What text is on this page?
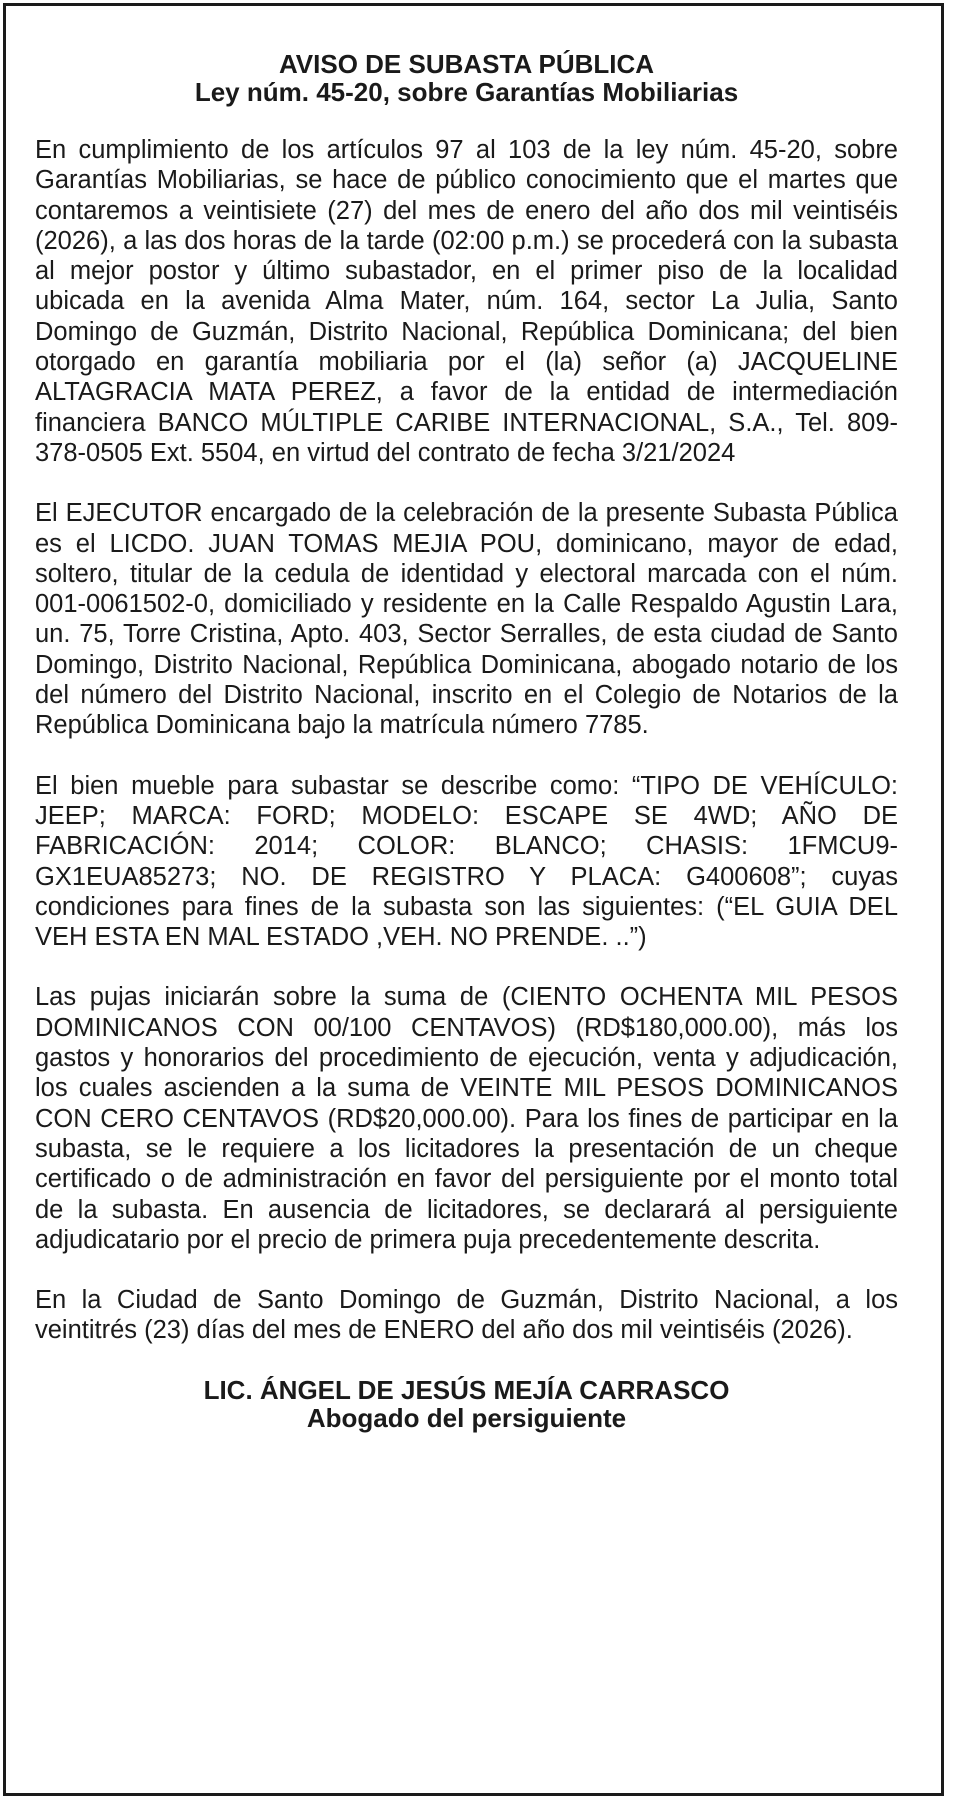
AVISO DE SUBASTA PÚBLICA

Ley núm. 45-20, sobre Garantías Mobiliarias

En cumplimiento de los artículos 97 al 103 de la ley núm. 45-20, sobre Garantías Mobiliarias, se hace de público conocimiento que el martes que contaremos a veintisiete (27) del mes de enero del año dos mil veintiséis (2026), a las dos horas de la tarde (02:00 p.m.) se procederá con la subasta al mejor postor y último subastador, en el primer piso de la localidad ubicada en la avenida Alma Mater, núm. 164, sector La Julia, Santo Domingo de Guzmán, Distrito Nacional, República Dominicana; del bien otorgado en garantía mobiliaria por el (la) señor (a) JACQUELINE ALTAGRACIA MATA PEREZ, a favor de la entidad de intermediación financiera BANCO MÚLTIPLE CARIBE INTERNACIONAL, S.A., Tel. 809-378-0505 Ext. 5504, en virtud del contrato de fecha 3/21/2024

El EJECUTOR encargado de la celebración de la presente Subasta Pública es el LICDO. JUAN TOMAS MEJIA POU, dominicano, mayor de edad, soltero, titular de la cedula de identidad y electoral marcada con el núm. 001-0061502-0, domiciliado y residente en la Calle Respaldo Agustin Lara, un. 75, Torre Cristina, Apto. 403, Sector Serralles, de esta ciudad de Santo Domingo, Distrito Nacional, República Dominicana, abogado notario de los del número del Distrito Nacional, inscrito en el Colegio de Notarios de la República Dominicana bajo la matrícula número 7785.

El bien mueble para subastar se describe como: “TIPO DE VEHÍCULO: JEEP; MARCA: FORD; MODELO: ESCAPE SE 4WD; AÑO DE FABRICACIÓN: 2014; COLOR: BLANCO; CHASIS: 1FMCU9GX1EUA85273; NO. DE REGISTRO Y PLACA: G400608”; cuyas condiciones para fines de la subasta son las siguientes: (“EL GUIA DEL VEH ESTA EN MAL ESTADO ,VEH. NO PRENDE. ..”)

Las pujas iniciarán sobre la suma de (CIENTO OCHENTA MIL PESOS DOMINICANOS CON 00/100 CENTAVOS) (RD$180,000.00), más los gastos y honorarios del procedimiento de ejecución, venta y adjudicación, los cuales ascienden a la suma de VEINTE MIL PESOS DOMINICANOS CON CERO CENTAVOS (RD$20,000.00). Para los fines de participar en la subasta, se le requiere a los licitadores la presentación de un cheque certificado o de administración en favor del persiguiente por el monto total de la subasta. En ausencia de licitadores, se declarará al persiguiente adjudicatario por el precio de primera puja precedentemente descrita.

En la Ciudad de Santo Domingo de Guzmán, Distrito Nacional, a los veintitrés (23) días del mes de ENERO del año dos mil veintiséis (2026).

LIC. ÁNGEL DE JESÚS MEJÍA CARRASCO

Abogado del persiguiente
